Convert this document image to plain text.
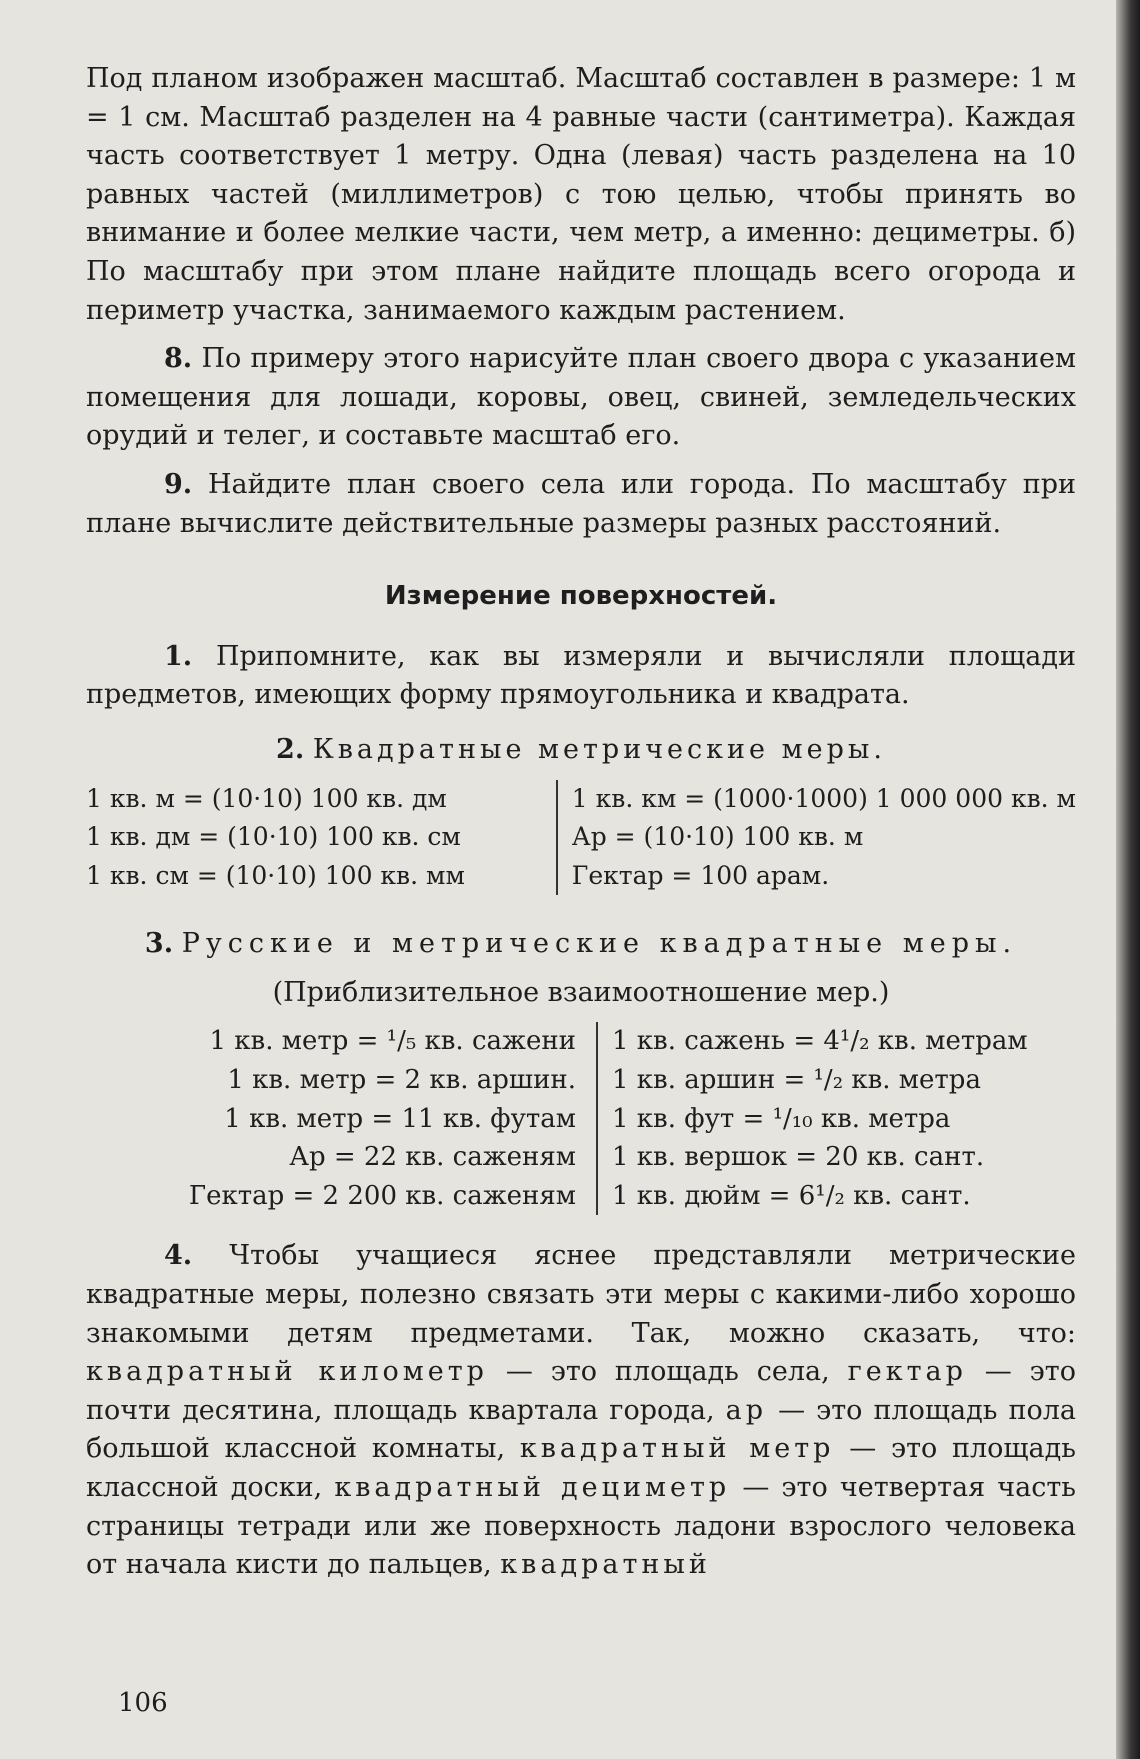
Под планом изображен масштаб. Масштаб составлен в размере: 1 м = 1 см. Масштаб разделен на 4 равные части (сантиметра). Каждая часть соответствует 1 метру. Одна (левая) часть разделена на 10 равных частей (миллиметров) с тою целью, чтобы принять во внимание и более мелкие части, чем метр, а именно: дециметры. б) По масштабу при этом плане найдите площадь всего огорода и периметр участка, занимаемого каждым растением.

8. По примеру этого нарисуйте план своего двора с указанием помещения для лошади, коровы, овец, свиней, земледельческих орудий и телег, и составьте масштаб его.

9. Найдите план своего села или города. По масштабу при плане вычислите действительные размеры разных расстояний.

Измерение поверхностей.

1. Припомните, как вы измеряли и вычисляли площади предметов, имеющих форму прямоугольника и квадрата.

2. Квадратные метрические меры.
1 кв. м = (10·10) 100 кв. дм
1 кв. дм = (10·10) 100 кв. см
1 кв. см = (10·10) 100 кв. мм
1 кв. км = (1000·1000) 1 000 000 кв. м
Ар = (10·10) 100 кв. м
Гектар = 100 арам.
3. Русские и метрические квадратные меры.
(Приблизительное взаимоотношение мер.)
1 кв. метр = ¹/₅ кв. сажени
1 кв. метр = 2 кв. аршин.
1 кв. метр = 11 кв. футам
Ар = 22 кв. саженям
Гектар = 2 200 кв. саженям
1 кв. сажень = 4¹/₂ кв. метрам
1 кв. аршин = ¹/₂ кв. метра
1 кв. фут = ¹/₁₀ кв. метра
1 кв. вершок = 20 кв. сант.
1 кв. дюйм = 6¹/₂ кв. сант.

4. Чтобы учащиеся яснее представляли метрические квадратные меры, полезно связать эти меры с какими-либо хорошо знакомыми детям предметами. Так, можно сказать, что: квадратный километр — это площадь села, гектар — это почти десятина, площадь квартала города, ар — это площадь пола большой классной комнаты, квадратный метр — это площадь классной доски, квадратный дециметр — это четвертая часть страницы тетради или же поверхность ладони взрослого человека от начала кисти до пальцев, квадратный

106
